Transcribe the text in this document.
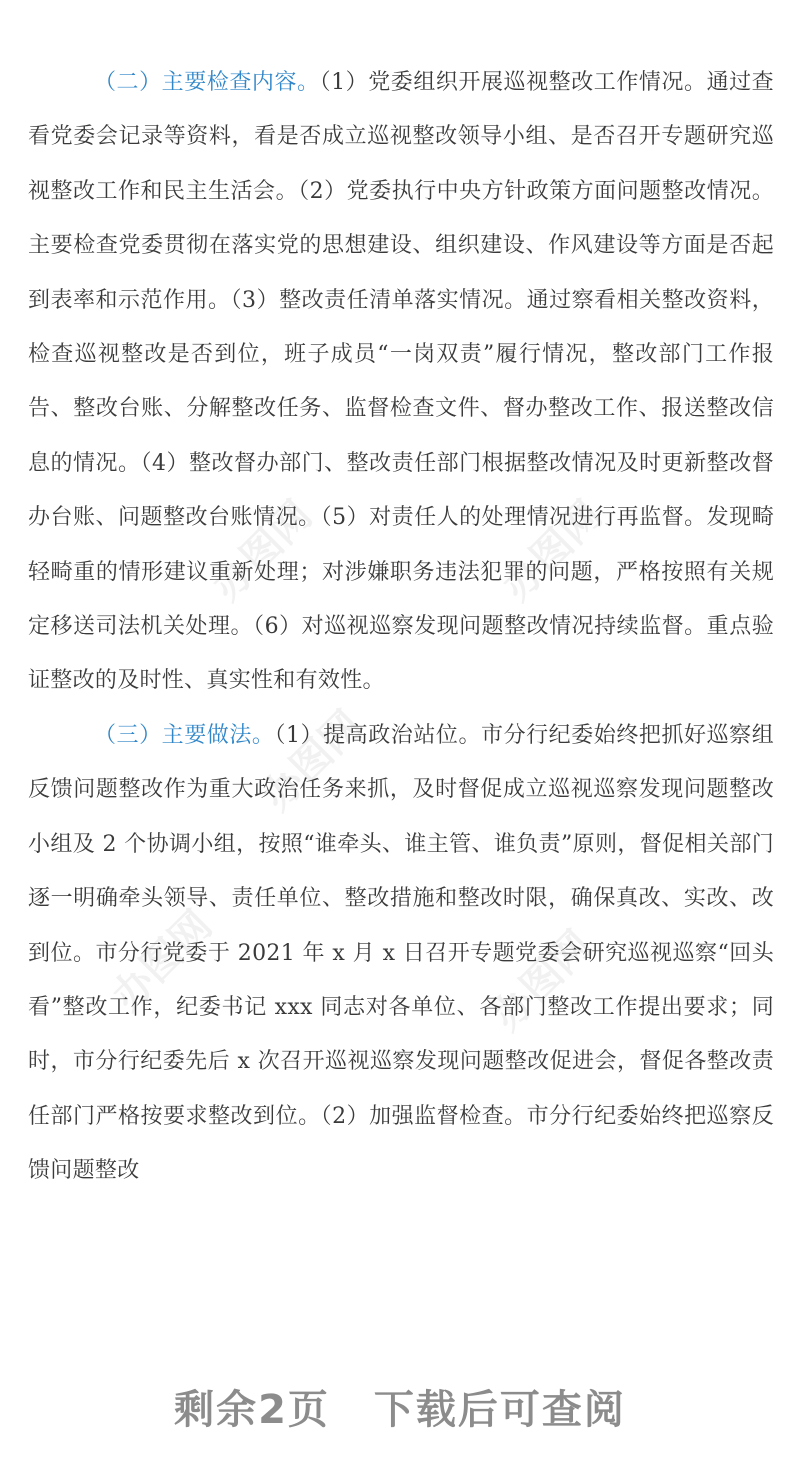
办图网	办图网
办图网
办图网	办图网

（二）主要检查内容。（1）党委组织开展巡视整改工作情况。通过查看党委会记录等资料，看是否成立巡视整改领导小组、是否召开专题研究巡视整改工作和民主生活会。（2）党委执行中央方针政策方面问题整改情况。主要检查党委贯彻在落实党的思想建设、组织建设、作风建设等方面是否起到表率和示范作用。（3）整改责任清单落实情况。通过察看相关整改资料，检查巡视整改是否到位，班子成员“一岗双责”履行情况，整改部门工作报告、整改台账、分解整改任务、监督检查文件、督办整改工作、报送整改信息的情况。（4）整改督办部门、整改责任部门根据整改情况及时更新整改督办台账、问题整改台账情况。（5）对责任人的处理情况进行再监督。发现畸轻畸重的情形建议重新处理；对涉嫌职务违法犯罪的问题，严格按照有关规定移送司法机关处理。（6）对巡视巡察发现问题整改情况持续监督。重点验证整改的及时性、真实性和有效性。

（三）主要做法。（1）提高政治站位。市分行纪委始终把抓好巡察组反馈问题整改作为重大政治任务来抓，及时督促成立巡视巡察发现问题整改小组及 2 个协调小组，按照“谁牵头、谁主管、谁负责”原则，督促相关部门逐一明确牵头领导、责任单位、整改措施和整改时限，确保真改、实改、改到位。市分行党委于 2021 年 x 月 x 日召开专题党委会研究巡视巡察“回头看”整改工作，纪委书记 xxx 同志对各单位、各部门整改工作提出要求；同时，市分行纪委先后 x 次召开巡视巡察发现问题整改促进会，督促各整改责任部门严格按要求整改到位。（2）加强监督检查。市分行纪委始终把巡察反馈问题整改

剩余2页 下载后可查阅
